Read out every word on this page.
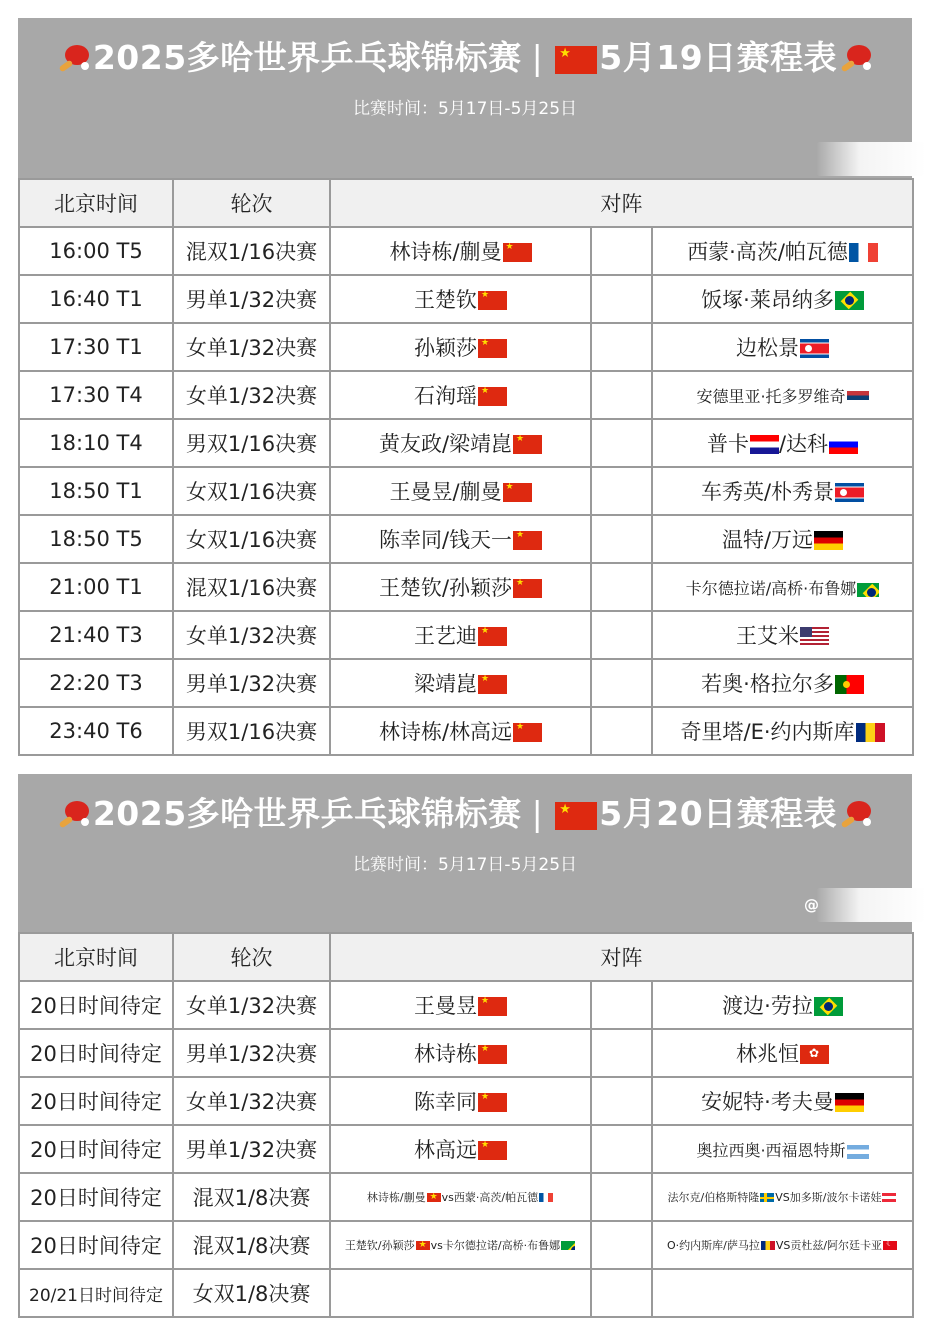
2025多哈世界乒乓球锦标赛 | ★ 5月19日赛程表
比赛时间：5月17日-5月25日
北京时间	轮次	对阵		
16:00 T5	混双1/16决赛	林诗栋/蒯曼★		西蒙·高茨/帕瓦德
16:40 T1	男单1/32决赛	王楚钦★		饭塚·莱昂纳多
17:30 T1	女单1/32决赛	孙颖莎★		边松景
17:30 T4	女单1/32决赛	石洵瑶★		安德里亚·托多罗维奇
18:10 T4	男双1/16决赛	黄友政/梁靖崑★		普卡 /达科
18:50 T1	女双1/16决赛	王曼昱/蒯曼★		车秀英/朴秀景
18:50 T5	女双1/16决赛	陈幸同/钱天一★		温特/万远
21:00 T1	混双1/16决赛	王楚钦/孙颖莎★		卡尔德拉诺/高桥·布鲁娜
21:40 T3	女单1/32决赛	王艺迪★		王艾米
22:20 T3	男单1/32决赛	梁靖崑★		若奥·格拉尔多
23:40 T6	男双1/16决赛	林诗栋/林高远★		奇里塔/E·约内斯库
2025多哈世界乒乓球锦标赛 | ★ 5月20日赛程表
比赛时间：5月17日-5月25日
@
北京时间	轮次	对阵		
20日时间待定	女单1/32决赛	王曼昱★		渡边·劳拉
20日时间待定	男单1/32决赛	林诗栋★		林兆恒✿
20日时间待定	女单1/32决赛	陈幸同★		安妮特·考夫曼
20日时间待定	男单1/32决赛	林高远★		奥拉西奥·西福恩特斯
20日时间待定	混双1/8决赛	林诗栋/蒯曼 ★ vs西蒙·高茨/帕瓦德		法尔克/伯格斯特隆 VS加多斯/波尔卡诺娃
20日时间待定	混双1/8决赛	王楚钦/孙颖莎 ★ vs卡尔德拉诺/高桥·布鲁娜		O·约内斯库/萨马拉 VS贡杜兹/阿尔廷卡亚☾
20/21日时间待定	女双1/8决赛			
